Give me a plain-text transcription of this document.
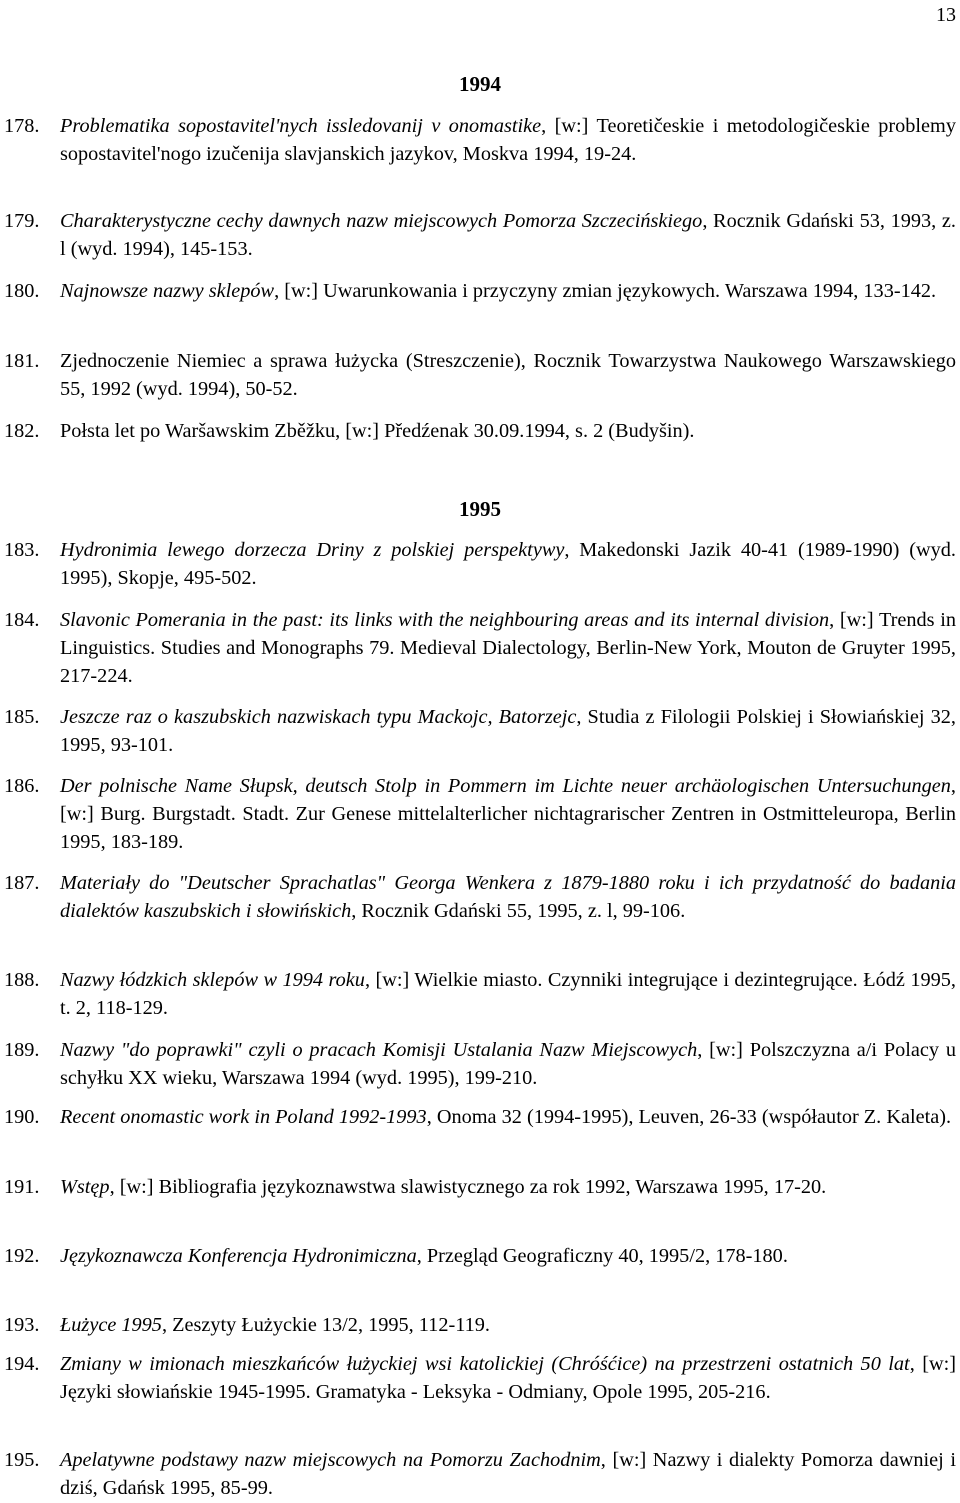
13
1994
178. Problematika sopostavitel'nych issledovanij v onomastike, [w:] Teoretičeskie i metodologičeskie problemy sopostavitel'nogo izučenija slavjanskich jazykov, Moskva 1994, 19-24.
179. Charakterystyczne cechy dawnych nazw miejscowych Pomorza Szczecińskiego, Rocznik Gdański 53, 1993, z. l (wyd. 1994), 145-153.
180. Najnowsze nazwy sklepów, [w:] Uwarunkowania i przyczyny zmian językowych. Warszawa 1994, 133-142.
181. Zjednoczenie Niemiec a sprawa łużycka (Streszczenie), Rocznik Towarzystwa Naukowego Warszawskiego 55, 1992 (wyd. 1994), 50-52.
182. Połsta let po Waršawskim Zběžku, [w:] Předźenak 30.09.1994, s. 2 (Budyšin).
1995
183. Hydronimia lewego dorzecza Driny z polskiej perspektywy, Makedonski Jazik 40-41 (1989-1990) (wyd. 1995), Skopje, 495-502.
184. Slavonic Pomerania in the past: its links with the neighbouring areas and its internal division, [w:] Trends in Linguistics. Studies and Monographs 79. Medieval Dialectology, Berlin-New York, Mouton de Gruyter 1995, 217-224.
185. Jeszcze raz o kaszubskich nazwiskach typu Mackojc, Batorzejc, Studia z Filologii Polskiej i Słowiańskiej 32, 1995, 93-101.
186. Der polnische Name Słupsk, deutsch Stolp in Pommern im Lichte neuer archäologischen Untersuchungen, [w:] Burg. Burgstadt. Stadt. Zur Genese mittelalterlicher nichtagrarischer Zentren in Ostmitteleuropa, Berlin 1995, 183-189.
187. Materiały do "Deutscher Sprachatlas" Georga Wenkera z 1879-1880 roku i ich przydatność do badania dialektów kaszubskich i słowińskich, Rocznik Gdański 55, 1995, z. l, 99-106.
188. Nazwy łódzkich sklepów w 1994 roku, [w:] Wielkie miasto. Czynniki integrujące i dezintegrujące. Łódź 1995, t. 2, 118-129.
189. Nazwy "do poprawki" czyli o pracach Komisji Ustalania Nazw Miejscowych, [w:] Polszczyzna a/i Polacy u schyłku XX wieku, Warszawa 1994 (wyd. 1995), 199-210.
190. Recent onomastic work in Poland 1992-1993, Onoma 32 (1994-1995), Leuven, 26-33 (współautor Z. Kaleta).
191. Wstęp, [w:] Bibliografia językoznawstwa slawistycznego za rok 1992, Warszawa 1995, 17-20.
192. Językoznawcza Konferencja Hydronimiczna, Przegląd Geograficzny 40, 1995/2, 178-180.
193. Łużyce 1995, Zeszyty Łużyckie 13/2, 1995, 112-119.
194. Zmiany w imionach mieszkańców łużyckiej wsi katolickiej (Chróśćice) na przestrzeni ostatnich 50 lat, [w:] Języki słowiańskie 1945-1995. Gramatyka - Leksyka - Odmiany, Opole 1995, 205-216.
195. Apelatywne podstawy nazw miejscowych na Pomorzu Zachodnim, [w:] Nazwy i dialekty Pomorza dawniej i dziś, Gdańsk 1995, 85-99.
